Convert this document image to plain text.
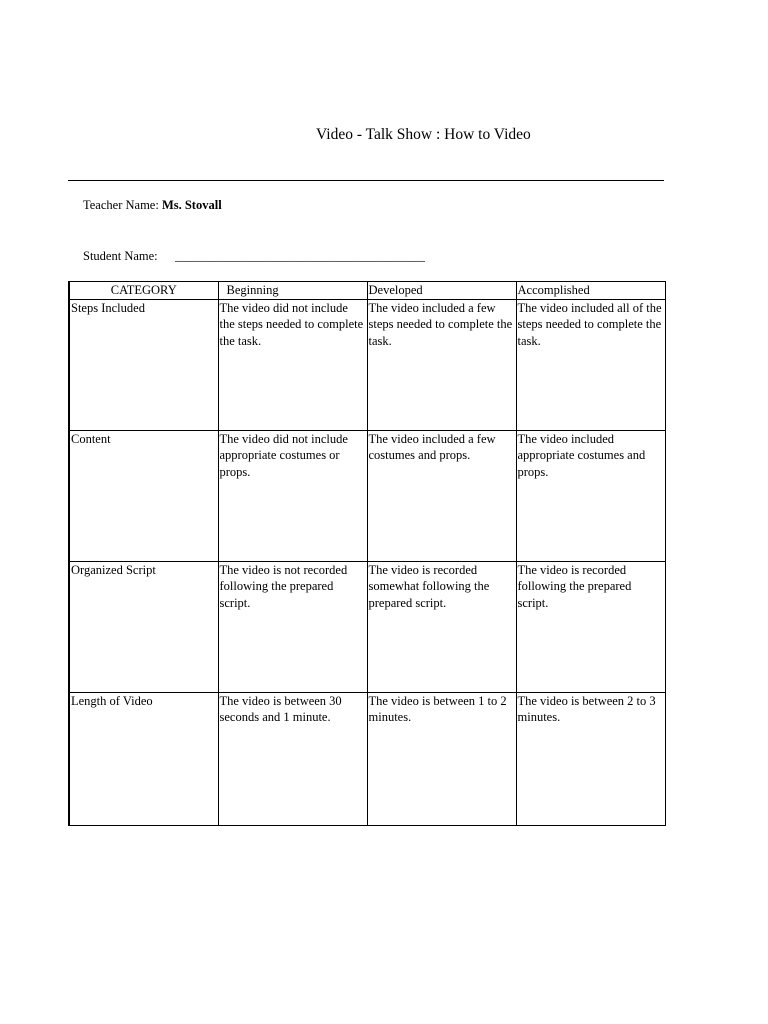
Video - Talk Show : How to Video
Teacher Name: Ms. Stovall
Student Name: ________________________________________
CATEGORY	Beginning	Developed	Accomplished
Steps Included	The video did not include the steps needed to complete the task.	The video included a few steps needed to complete the task.	The video included all of the steps needed to complete the task.
Content	The video did not include appropriate costumes or props.	The video included a few costumes and props.	The video included appropriate costumes and props.
Organized Script	The video is not recorded following the prepared script.	The video is recorded somewhat following the prepared script.	The video is recorded following the prepared script.
Length of Video	The video is between 30 seconds and 1 minute.	The video is between 1 to 2 minutes.	The video is between 2 to 3 minutes.
